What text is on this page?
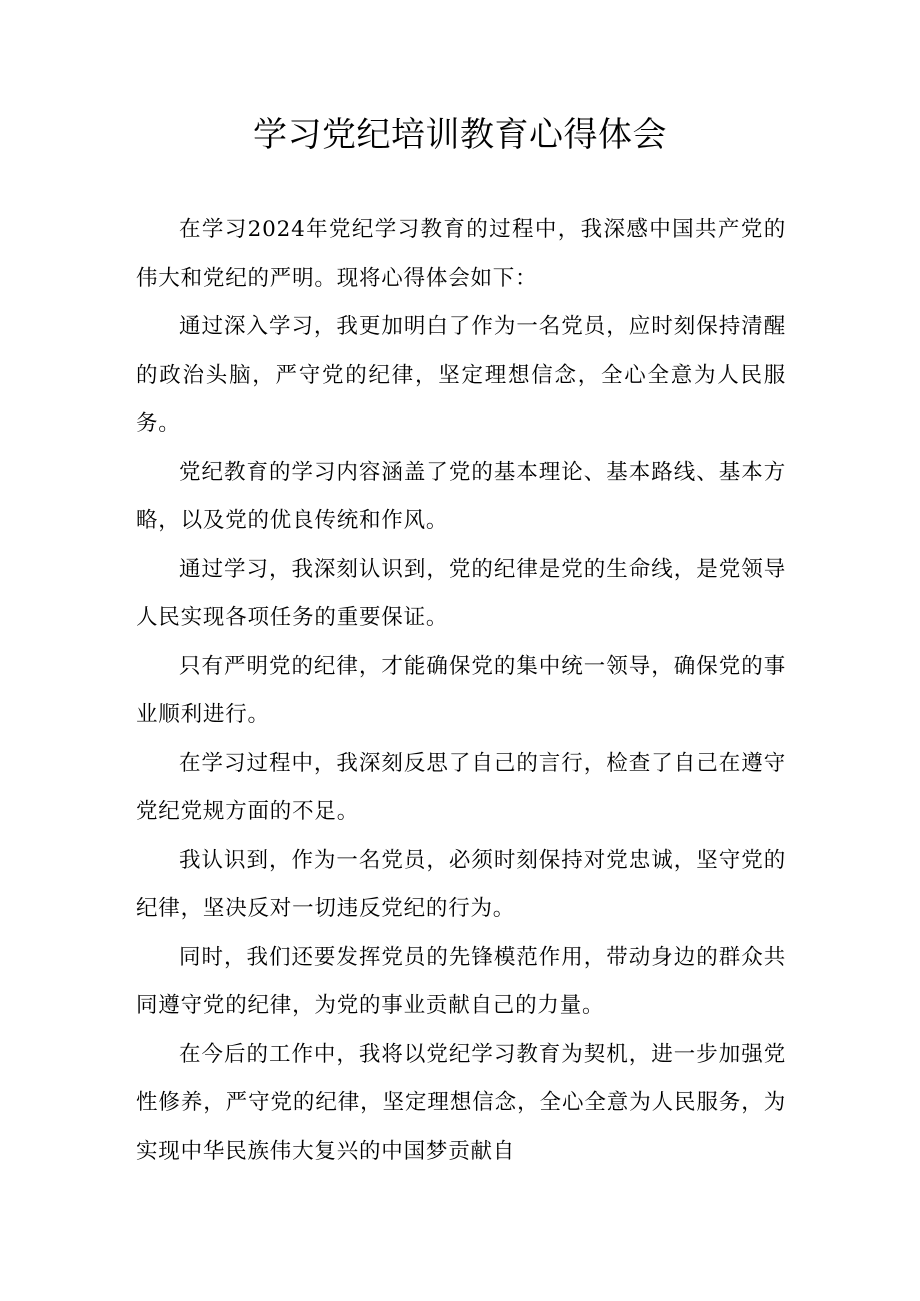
学习党纪培训教育心得体会

在学习2024年党纪学习教育的过程中，我深感中国共产党的伟大和党纪的严明。现将心得体会如下：

通过深入学习，我更加明白了作为一名党员，应时刻保持清醒的政治头脑，严守党的纪律，坚定理想信念，全心全意为人民服务。

党纪教育的学习内容涵盖了党的基本理论、基本路线、基本方略，以及党的优良传统和作风。

通过学习，我深刻认识到，党的纪律是党的生命线，是党领导人民实现各项任务的重要保证。

只有严明党的纪律，才能确保党的集中统一领导，确保党的事业顺利进行。

在学习过程中，我深刻反思了自己的言行，检查了自己在遵守党纪党规方面的不足。

我认识到，作为一名党员，必须时刻保持对党忠诚，坚守党的纪律，坚决反对一切违反党纪的行为。

同时，我们还要发挥党员的先锋模范作用，带动身边的群众共同遵守党的纪律，为党的事业贡献自己的力量。

在今后的工作中，我将以党纪学习教育为契机，进一步加强党性修养，严守党的纪律，坚定理想信念，全心全意为人民服务，为实现中华民族伟大复兴的中国梦贡献自
